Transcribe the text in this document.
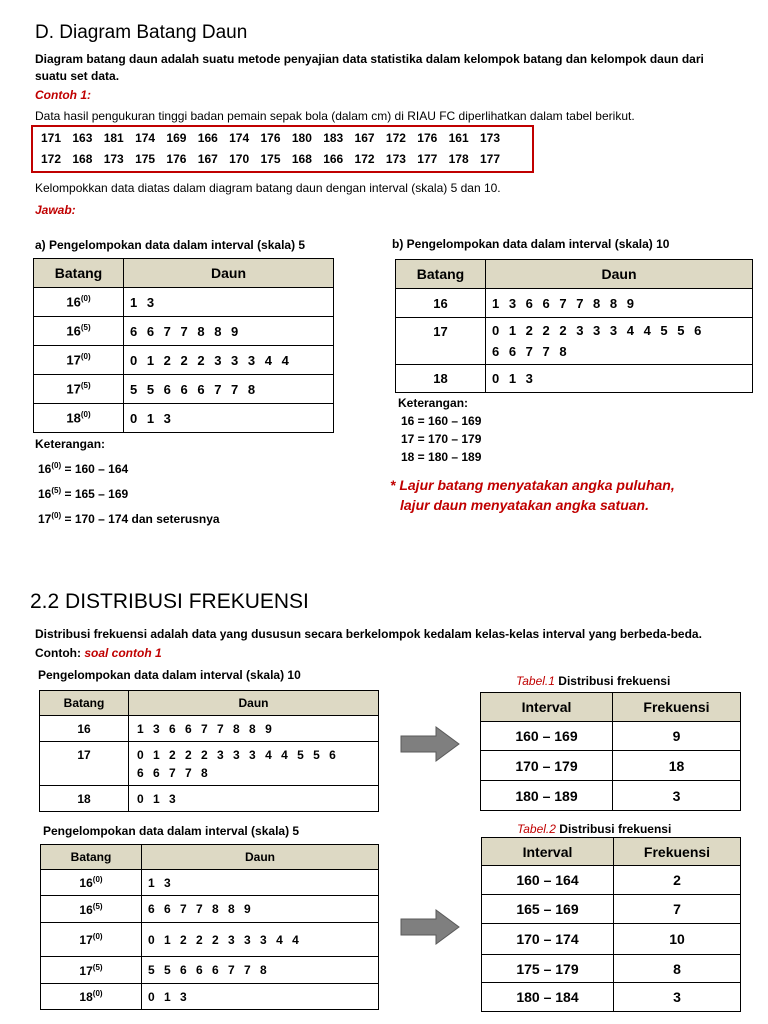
D. Diagram Batang Daun
Diagram batang daun adalah suatu metode penyajian data statistika dalam kelompok batang dan kelompok daun dari suatu set data.
Contoh 1:
Data hasil pengukuran tinggi badan pemain sepak bola (dalam cm) di RIAU FC diperlihatkan dalam tabel berikut.
171 163 181 174 169 166 174 176 180 183 167 172 176 161 173
172 168 173 175 176 167 170 175 168 166 172 173 177 178 177
Kelompokkan data diatas dalam diagram batang daun dengan interval (skala) 5 dan 10.
Jawab:
a) Pengelompokan data dalam interval (skala) 5	b) Pengelompokan data dalam interval (skala) 10
Batang	Daun
16$^{(0)}$	1 3
16$^{(5)}$	6 6 7 7 8 8 9
17$^{(0)}$	0 1 2 2 2 3 3 3 4 4
17$^{(5)}$	5 5 6 6 6 7 7 8
18$^{(0)}$	0 1 3
Batang	Daun
16	1 3 6 6 7 7 8 8 9
17	0 1 2 2 2 3 3 3 4 4 5 5 6
6 6 7 7 8

18	0 1 3
Keterangan:
$16^{(0)} = 160 - 164$
$16^{(5)} = 165 - 169$
$17^{(0)} = 170 - 174$ dan seterusnya
Keterangan:
16 = 160 – 169
17 = 170 – 179
18 = 180 – 189
* Lajur batang menyatakan angka puluhan,
lajur daun menyatakan angka satuan.
2.2 DISTRIBUSI FREKUENSI
Distribusi frekuensi adalah data yang dususun secara berkelompok kedalam kelas-kelas interval yang berbeda-beda.
Contoh: soal contoh 1
Pengelompokan data dalam interval (skala) 10
Batang	Daun
16	1 3 6 6 7 7 8 8 9
17	0 1 2 2 2 3 3 3 4 4 5 5 6
6 6 7 7 8

18	0 1 3
Tabel.1 Distribusi frekuensi
Interval	Frekuensi
160 – 169	9
170 – 179	18
180 – 189	3
Pengelompokan data dalam interval (skala) 5
Batang	Daun
16$^{(0)}$	1 3
16$^{(5)}$	6 6 7 7 8 8 9
17$^{(0)}$	0 1 2 2 2 3 3 3 4 4
17$^{(5)}$	5 5 6 6 6 7 7 8
18$^{(0)}$	0 1 3
Tabel.2 Distribusi frekuensi
Interval	Frekuensi
160 – 164	2
165 – 169	7
170 – 174	10
175 – 179	8
180 – 184	3
